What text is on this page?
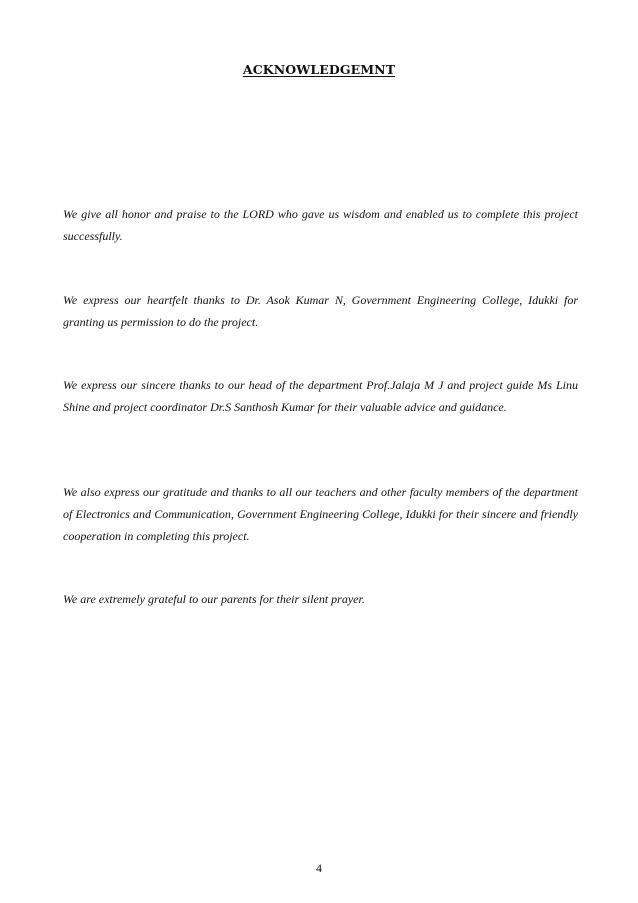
ACKNOWLEDGEMNT

We give all honor and praise to the LORD who gave us wisdom and enabled us to complete this project successfully.

We express our heartfelt thanks to Dr. Asok Kumar N, Government Engineering College, Idukki for granting us permission to do the project.

We express our sincere thanks to our head of the department Prof.Jalaja M J and project guide Ms Linu Shine and project coordinator Dr.S Santhosh Kumar for their valuable advice and guidance.

We also express our gratitude and thanks to all our teachers and other faculty members of the department of Electronics and Communication, Government Engineering College, Idukki for their sincere and friendly cooperation in completing this project.

We are extremely grateful to our parents for their silent prayer.

4
